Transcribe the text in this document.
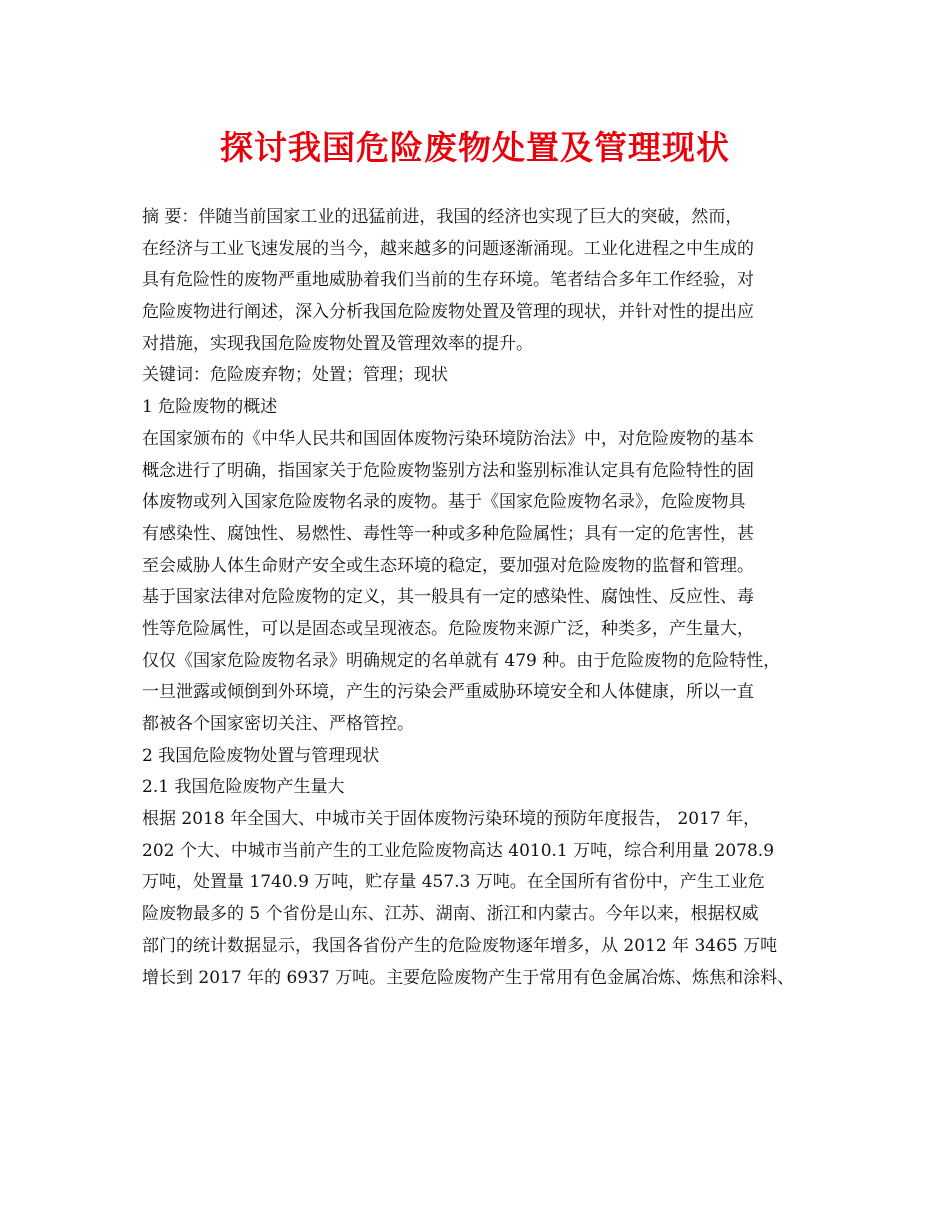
探讨我国危险废物处置及管理现状
摘 要：伴随当前国家工业的迅猛前进，我国的经济也实现了巨大的突破，然而，
在经济与工业飞速发展的当今，越来越多的问题逐渐涌现。工业化进程之中生成的
具有危险性的废物严重地威胁着我们当前的生存环境。笔者结合多年工作经验，对
危险废物进行阐述，深入分析我国危险废物处置及管理的现状，并针对性的提出应
对措施，实现我国危险废物处置及管理效率的提升。
关键词：危险废弃物；处置；管理；现状
1 危险废物的概述
在国家颁布的《中华人民共和国固体废物污染环境防治法》中，对危险废物的基本
概念进行了明确，指国家关于危险废物鉴别方法和鉴别标准认定具有危险特性的固
体废物或列入国家危险废物名录的废物。基于《国家危险废物名录》，危险废物具
有感染性、腐蚀性、易燃性、毒性等一种或多种危险属性；具有一定的危害性，甚
至会威胁人体生命财产安全或生态环境的稳定，要加强对危险废物的监督和管理。
基于国家法律对危险废物的定义，其一般具有一定的感染性、腐蚀性、反应性、毒
性等危险属性，可以是固态或呈现液态。危险废物来源广泛，种类多，产生量大，
仅仅《国家危险废物名录》明确规定的名单就有 479 种。由于危险废物的危险特性，
一旦泄露或倾倒到外环境，产生的污染会严重威胁环境安全和人体健康，所以一直
都被各个国家密切关注、严格管控。
2 我国危险废物处置与管理现状
2.1 我国危险废物产生量大
根据 2018 年全国大、中城市关于固体废物污染环境的预防年度报告， 2017 年，
202 个大、中城市当前产生的工业危险废物高达 4010.1 万吨，综合利用量 2078.9
万吨，处置量 1740.9 万吨，贮存量 457.3 万吨。在全国所有省份中，产生工业危
险废物最多的 5 个省份是山东、江苏、湖南、浙江和内蒙古。今年以来，根据权威
部门的统计数据显示，我国各省份产生的危险废物逐年增多，从 2012 年 3465 万吨
增长到 2017 年的 6937 万吨。主要危险废物产生于常用有色金属冶炼、炼焦和涂料、
